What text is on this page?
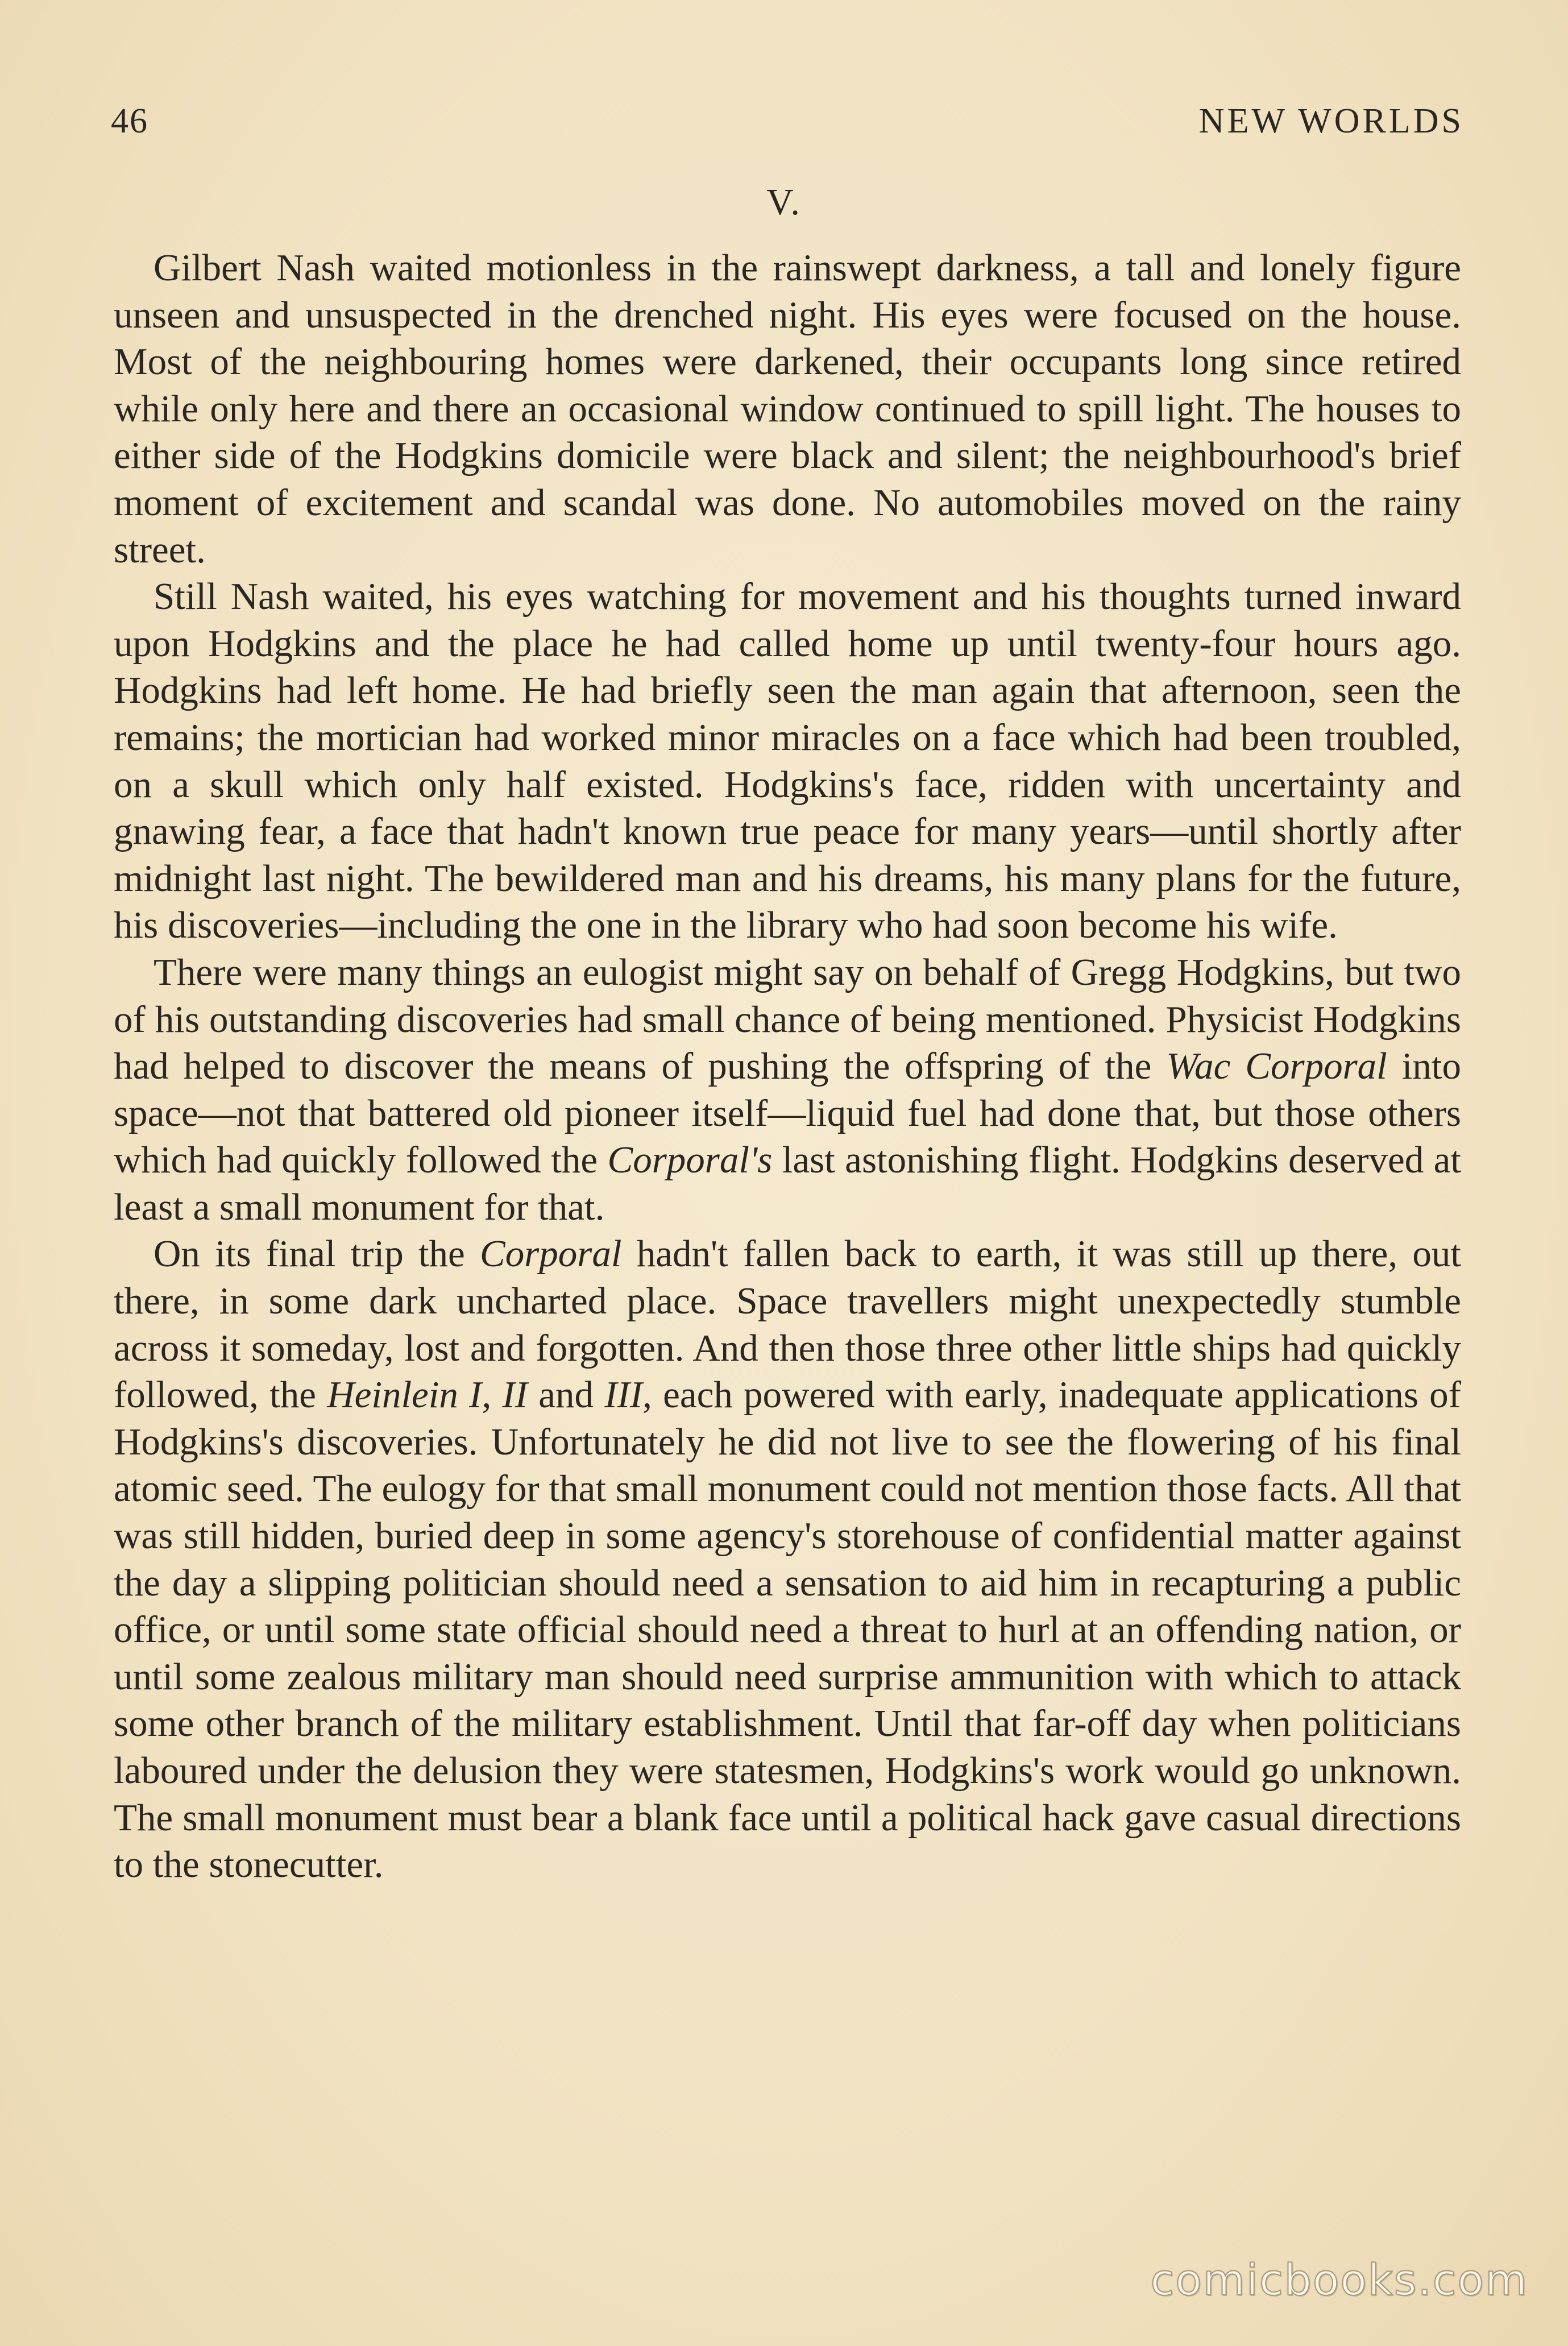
46	NEW WORLDS
V.

Gilbert Nash waited motionless in the rainswept darkness, a tall and lonely figure unseen and unsuspected in the drenched night. His eyes were focused on the house. Most of the neighbouring homes were darkened, their occupants long since retired while only here and there an occasional window continued to spill light. The houses to either side of the Hodgkins domicile were black and silent; the neighbourhood's brief moment of excitement and scandal was done. No automobiles moved on the rainy street.

Still Nash waited, his eyes watching for movement and his thoughts turned inward upon Hodgkins and the place he had called home up until twenty-four hours ago. Hodgkins had left home. He had briefly seen the man again that afternoon, seen the remains; the mortician had worked minor miracles on a face which had been troubled, on a skull which only half existed. Hodgkins's face, ridden with uncertainty and gnawing fear, a face that hadn't known true peace for many years—until shortly after midnight last night. The bewildered man and his dreams, his many plans for the future, his discoveries—including the one in the library who had soon become his wife.

There were many things an eulogist might say on behalf of Gregg Hodgkins, but two of his outstanding discoveries had small chance of being mentioned. Physicist Hodgkins had helped to discover the means of pushing the offspring of the Wac Corporal into space—not that battered old pioneer itself—liquid fuel had done that, but those others which had quickly followed the Corporal's last astonishing flight. Hodgkins deserved at least a small monument for that.

On its final trip the Corporal hadn't fallen back to earth, it was still up there, out there, in some dark uncharted place. Space travellers might unexpectedly stumble across it someday, lost and forgotten. And then those three other little ships had quickly followed, the Heinlein I, II and III, each powered with early, inadequate applications of Hodgkins's discoveries. Unfortunately he did not live to see the flowering of his final atomic seed. The eulogy for that small monument could not mention those facts. All that was still hidden, buried deep in some agency's storehouse of confidential matter against the day a slipping politician should need a sensation to aid him in recapturing a public office, or until some state official should need a threat to hurl at an offending nation, or until some zealous military man should need surprise ammunition with which to attack some other branch of the military establishment. Until that far-off day when politicians laboured under the delusion they were statesmen, Hodgkins's work would go unknown. The small monument must bear a blank face until a political hack gave casual directions to the stonecutter.

comicbooks.com
